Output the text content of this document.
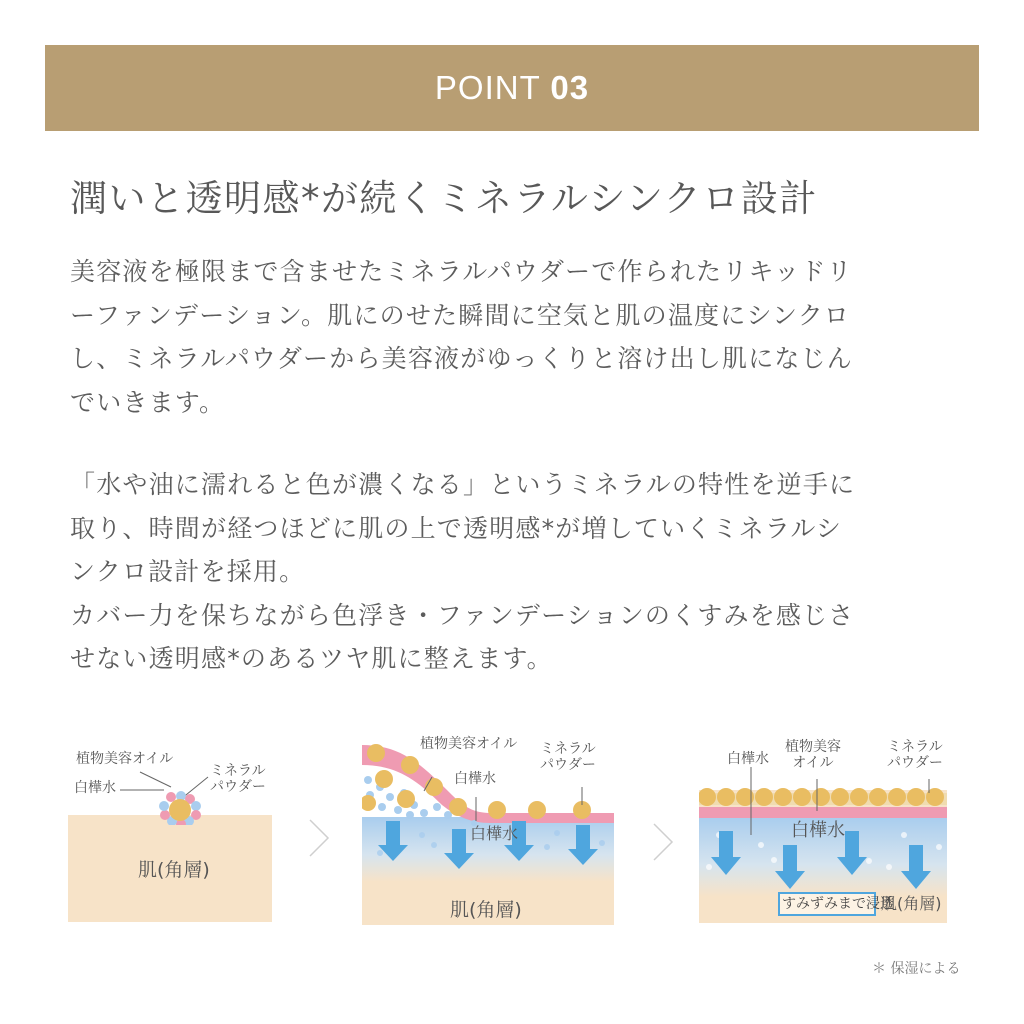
POINT 03
潤いと透明感*が続くミネラルシンクロ設計
美容液を極限まで含ませたミネラルパウダーで作られたリキッドリ
ーファンデーション。肌にのせた瞬間に空気と肌の温度にシンクロ
し、ミネラルパウダーから美容液がゆっくりと溶け出し肌になじん
でいきます。
「水や油に濡れると色が濃くなる」というミネラルの特性を逆手に
取り、時間が経つほどに肌の上で透明感*が増していくミネラルシ
ンクロ設計を採用。
カバー力を保ちながら色浮き・ファンデーションのくすみを感じさ
せない透明感*のあるツヤ肌に整えます。
肌(角層)
植物美容オイル
白樺水
ミネラル
パウダー
植物美容オイル
白樺水
ミネラル
パウダー
白樺水
肌(角層)
白樺水
植物美容
オイル
ミネラル
パウダー
白樺水
すみずみまで浸透
肌(角層)
＊ 保湿による
